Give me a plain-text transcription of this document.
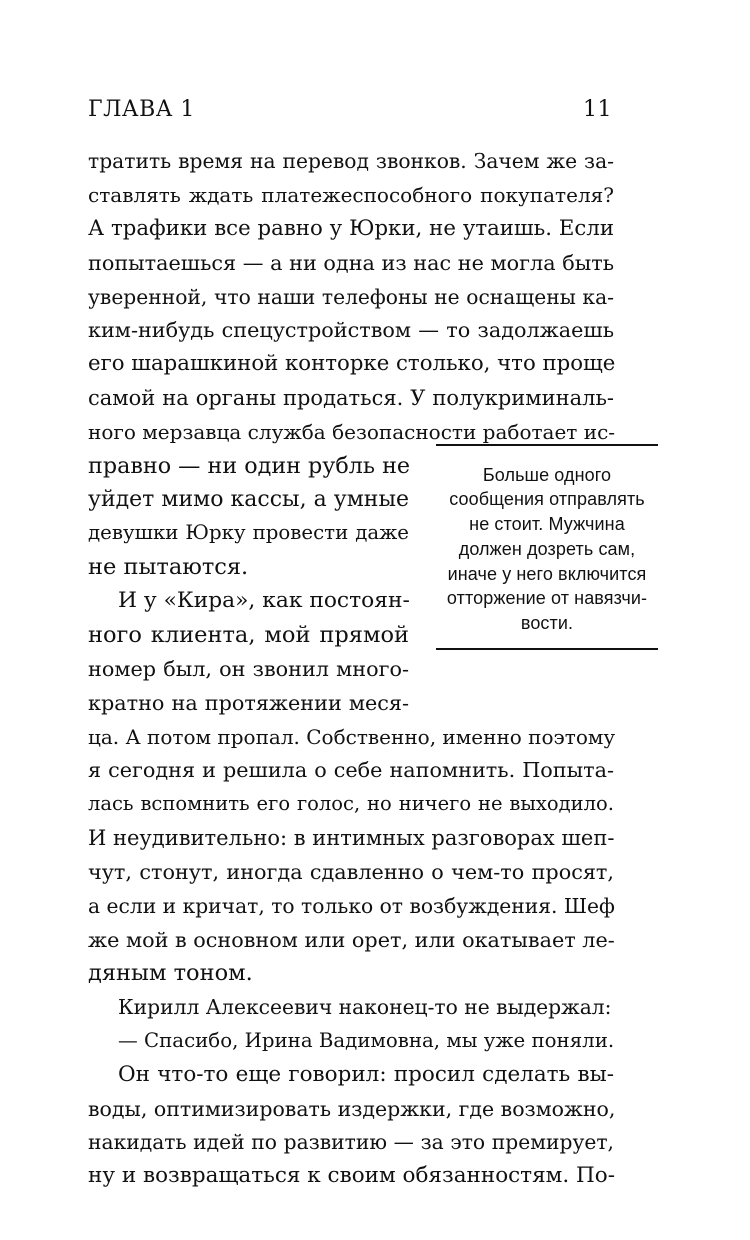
ГЛАВА 1	11
тратить время на перевод звонков. Зачем же за-
ставлять ждать платежеспособного покупателя?
А трафики все равно у Юрки, не утаишь. Если
попытаешься — а ни одна из нас не могла быть
уверенной, что наши телефоны не оснащены ка-
ким-нибудь спецустройством — то задолжаешь
его шарашкиной конторке столько, что проще
самой на органы продаться. У полукриминаль-
ного мерзавца служба безопасности работает ис-
правно — ни один рубль не
уйдет мимо кассы, а умные
девушки Юрку провести даже
не пытаются.
И у «Кира», как постоян-
ного клиента, мой прямой
номер был, он звонил много-
кратно на протяжении меся-
ца. А потом пропал. Собственно, именно поэтому
я сегодня и решила о себе напомнить. Попыта-
лась вспомнить его голос, но ничего не выходило.
И неудивительно: в интимных разговорах шеп-
чут, стонут, иногда сдавленно о чем-то просят,
а если и кричат, то только от возбуждения. Шеф
же мой в основном или орет, или окатывает ле-
дяным тоном.
Кирилл Алексеевич наконец-то не выдержал:
— Спасибо, Ирина Вадимовна, мы уже поняли.
Он что-то еще говорил: просил сделать вы-
воды, оптимизировать издержки, где возможно,
накидать идей по развитию — за это премирует,
ну и возвращаться к своим обязанностям. По-
Больше одного
сообщения отправлять
не стоит. Мужчина
должен дозреть сам,
иначе у него включится
отторжение от навязчи-
вости.
